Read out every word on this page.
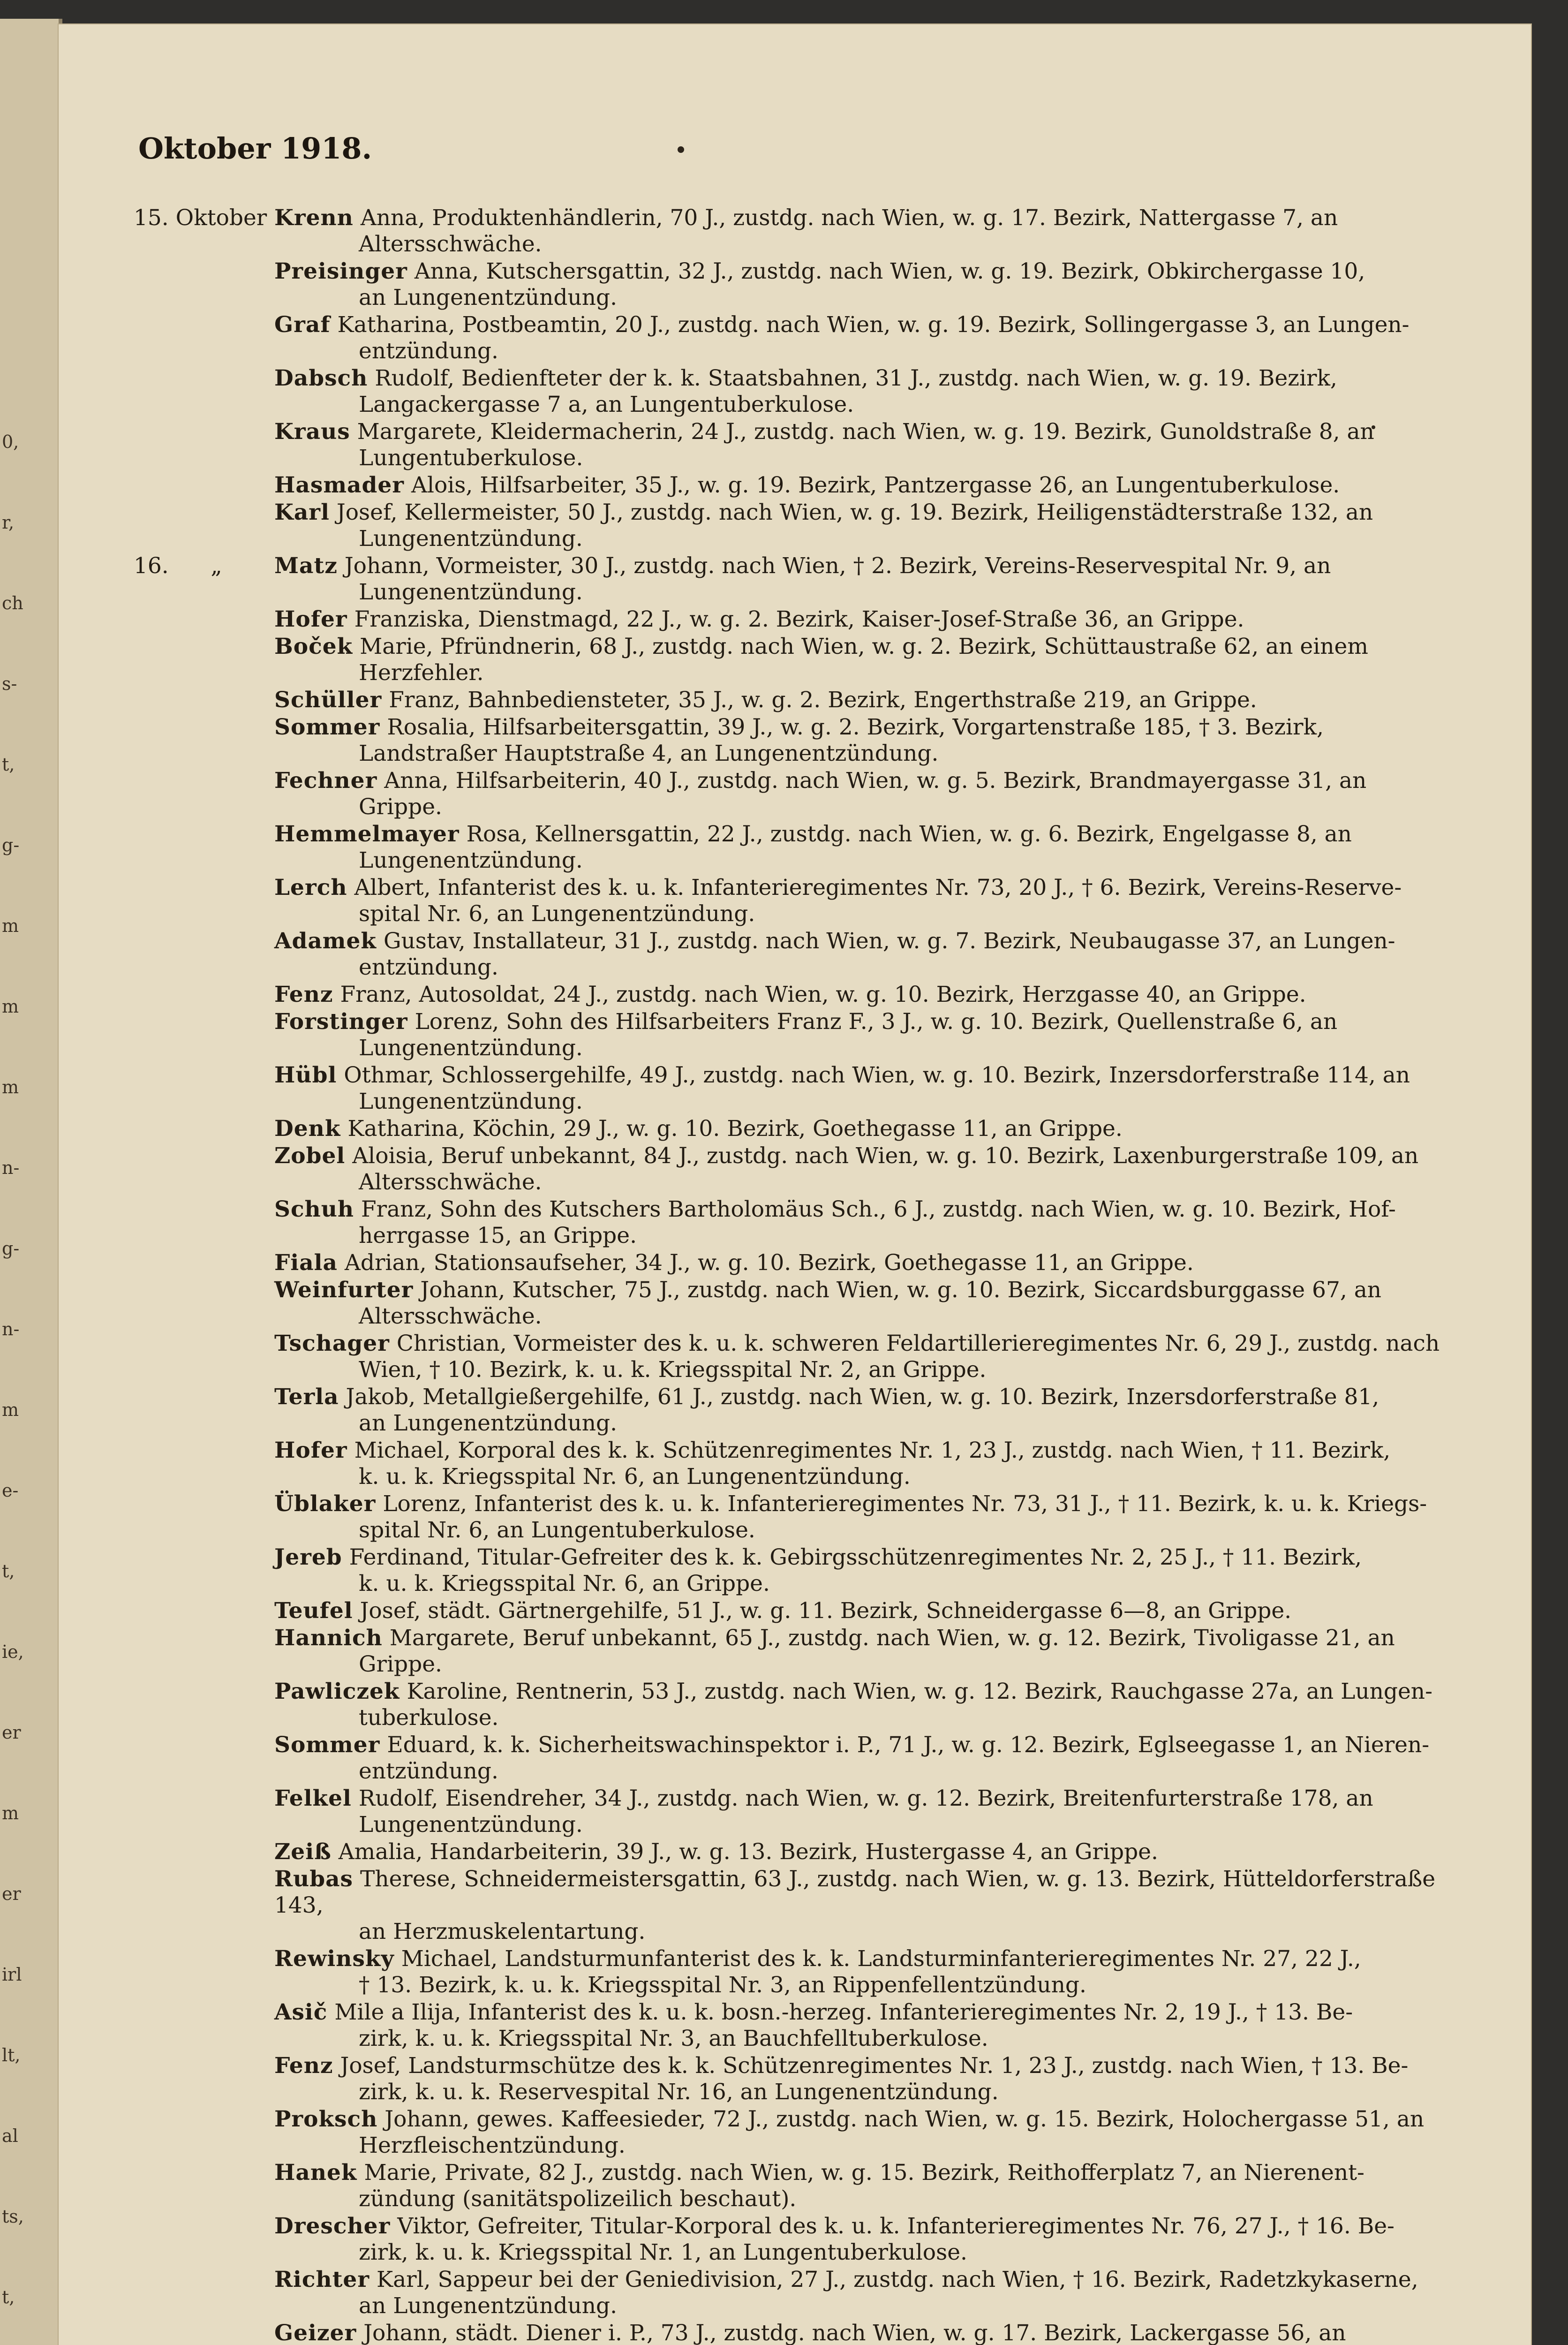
0,
r,
ch
s-
t,
g-
m
m
m
n-
g-
n-
m
e-
t,
ie,
er
m
er
irl
lt,
al
ts,
t,
Oktober 1918.
15. Oktober Krenn Anna, Produktenhändlerin, 70 J., zustdg. nach Wien, w. g. 17. Bezirk, Nattergasse 7, an
Altersschwäche.
Preisinger Anna, Kutschersgattin, 32 J., zustdg. nach Wien, w. g. 19. Bezirk, Obkirchergasse 10,
an Lungenentzündung.
Graf Katharina, Postbeamtin, 20 J., zustdg. nach Wien, w. g. 19. Bezirk, Sollingergasse 3, an Lungen-
entzündung.
Dabsch Rudolf, Bedienfteter der k. k. Staatsbahnen, 31 J., zustdg. nach Wien, w. g. 19. Bezirk,
Langackergasse 7 a, an Lungentuberkulose.
Kraus Margarete, Kleidermacherin, 24 J., zustdg. nach Wien, w. g. 19. Bezirk, Gunoldstraße 8, an
Lungentuberkulose.
Hasmader Alois, Hilfsarbeiter, 35 J., w. g. 19. Bezirk, Pantzergasse 26, an Lungentuberkulose.
Karl Josef, Kellermeister, 50 J., zustdg. nach Wien, w. g. 19. Bezirk, Heiligenstädterstraße 132, an
Lungenentzündung.
16.      „	Matz Johann, Vormeister, 30 J., zustdg. nach Wien, † 2. Bezirk, Vereins-Reservespital Nr. 9, an
Lungenentzündung.
Hofer Franziska, Dienstmagd, 22 J., w. g. 2. Bezirk, Kaiser-Josef-Straße 36, an Grippe.
Boček Marie, Pfründnerin, 68 J., zustdg. nach Wien, w. g. 2. Bezirk, Schüttaustraße 62, an einem
Herzfehler.
Schüller Franz, Bahnbediensteter, 35 J., w. g. 2. Bezirk, Engerthstraße 219, an Grippe.
Sommer Rosalia, Hilfsarbeitersgattin, 39 J., w. g. 2. Bezirk, Vorgartenstraße 185, † 3. Bezirk,
Landstraßer Hauptstraße 4, an Lungenentzündung.
Fechner Anna, Hilfsarbeiterin, 40 J., zustdg. nach Wien, w. g. 5. Bezirk, Brandmayergasse 31, an
Grippe.
Hemmelmayer Rosa, Kellnersgattin, 22 J., zustdg. nach Wien, w. g. 6. Bezirk, Engelgasse 8, an
Lungenentzündung.
Lerch Albert, Infanterist des k. u. k. Infanterieregimentes Nr. 73, 20 J., † 6. Bezirk, Vereins-Reserve-
spital Nr. 6, an Lungenentzündung.
Adamek Gustav, Installateur, 31 J., zustdg. nach Wien, w. g. 7. Bezirk, Neubaugasse 37, an Lungen-
entzündung.
Fenz Franz, Autosoldat, 24 J., zustdg. nach Wien, w. g. 10. Bezirk, Herzgasse 40, an Grippe.
Forstinger Lorenz, Sohn des Hilfsarbeiters Franz F., 3 J., w. g. 10. Bezirk, Quellenstraße 6, an
Lungenentzündung.
Hübl Othmar, Schlossergehilfe, 49 J., zustdg. nach Wien, w. g. 10. Bezirk, Inzersdorferstraße 114, an
Lungenentzündung.
Denk Katharina, Köchin, 29 J., w. g. 10. Bezirk, Goethegasse 11, an Grippe.
Zobel Aloisia, Beruf unbekannt, 84 J., zustdg. nach Wien, w. g. 10. Bezirk, Laxenburgerstraße 109, an
Altersschwäche.
Schuh Franz, Sohn des Kutschers Bartholomäus Sch., 6 J., zustdg. nach Wien, w. g. 10. Bezirk, Hof-
herrgasse 15, an Grippe.
Fiala Adrian, Stationsaufseher, 34 J., w. g. 10. Bezirk, Goethegasse 11, an Grippe.
Weinfurter Johann, Kutscher, 75 J., zustdg. nach Wien, w. g. 10. Bezirk, Siccardsburggasse 67, an
Altersschwäche.
Tschager Christian, Vormeister des k. u. k. schweren Feldartillerieregimentes Nr. 6, 29 J., zustdg. nach
Wien, † 10. Bezirk, k. u. k. Kriegsspital Nr. 2, an Grippe.
Terla Jakob, Metallgießergehilfe, 61 J., zustdg. nach Wien, w. g. 10. Bezirk, Inzersdorferstraße 81,
an Lungenentzündung.
Hofer Michael, Korporal des k. k. Schützenregimentes Nr. 1, 23 J., zustdg. nach Wien, † 11. Bezirk,
k. u. k. Kriegsspital Nr. 6, an Lungenentzündung.
Üblaker Lorenz, Infanterist des k. u. k. Infanterieregimentes Nr. 73, 31 J., † 11. Bezirk, k. u. k. Kriegs-
spital Nr. 6, an Lungentuberkulose.
Jereb Ferdinand, Titular-Gefreiter des k. k. Gebirgsschützenregimentes Nr. 2, 25 J., † 11. Bezirk,
k. u. k. Kriegsspital Nr. 6, an Grippe.
Teufel Josef, städt. Gärtnergehilfe, 51 J., w. g. 11. Bezirk, Schneidergasse 6—8, an Grippe.
Hannich Margarete, Beruf unbekannt, 65 J., zustdg. nach Wien, w. g. 12. Bezirk, Tivoligasse 21, an
Grippe.
Pawliczek Karoline, Rentnerin, 53 J., zustdg. nach Wien, w. g. 12. Bezirk, Rauchgasse 27a, an Lungen-
tuberkulose.
Sommer Eduard, k. k. Sicherheitswachinspektor i. P., 71 J., w. g. 12. Bezirk, Eglseegasse 1, an Nieren-
entzündung.
Felkel Rudolf, Eisendreher, 34 J., zustdg. nach Wien, w. g. 12. Bezirk, Breitenfurterstraße 178, an
Lungenentzündung.
Zeiß Amalia, Handarbeiterin, 39 J., w. g. 13. Bezirk, Hustergasse 4, an Grippe.
Rubas Therese, Schneidermeistersgattin, 63 J., zustdg. nach Wien, w. g. 13. Bezirk, Hütteldorferstraße 143,
an Herzmuskelentartung.
Rewinsky Michael, Landsturmunfanterist des k. k. Landsturminfanterieregimentes Nr. 27, 22 J.,
† 13. Bezirk, k. u. k. Kriegsspital Nr. 3, an Rippenfellentzündung.
Asič Mile a Ilija, Infanterist des k. u. k. bosn.-herzeg. Infanterieregimentes Nr. 2, 19 J., † 13. Be-
zirk, k. u. k. Kriegsspital Nr. 3, an Bauchfelltuberkulose.
Fenz Josef, Landsturmschütze des k. k. Schützenregimentes Nr. 1, 23 J., zustdg. nach Wien, † 13. Be-
zirk, k. u. k. Reservespital Nr. 16, an Lungenentzündung.
Proksch Johann, gewes. Kaffeesieder, 72 J., zustdg. nach Wien, w. g. 15. Bezirk, Holochergasse 51, an
Herzfleischentzündung.
Hanek Marie, Private, 82 J., zustdg. nach Wien, w. g. 15. Bezirk, Reithofferplatz 7, an Nierenent-
zündung (sanitätspolizeilich beschaut).
Drescher Viktor, Gefreiter, Titular-Korporal des k. u. k. Infanterieregimentes Nr. 76, 27 J., † 16. Be-
zirk, k. u. k. Kriegsspital Nr. 1, an Lungentuberkulose.
Richter Karl, Sappeur bei der Geniedivision, 27 J., zustdg. nach Wien, † 16. Bezirk, Radetzkykaserne,
an Lungenentzündung.
Geizer Johann, städt. Diener i. P., 73 J., zustdg. nach Wien, w. g. 17. Bezirk, Lackergasse 56, an
